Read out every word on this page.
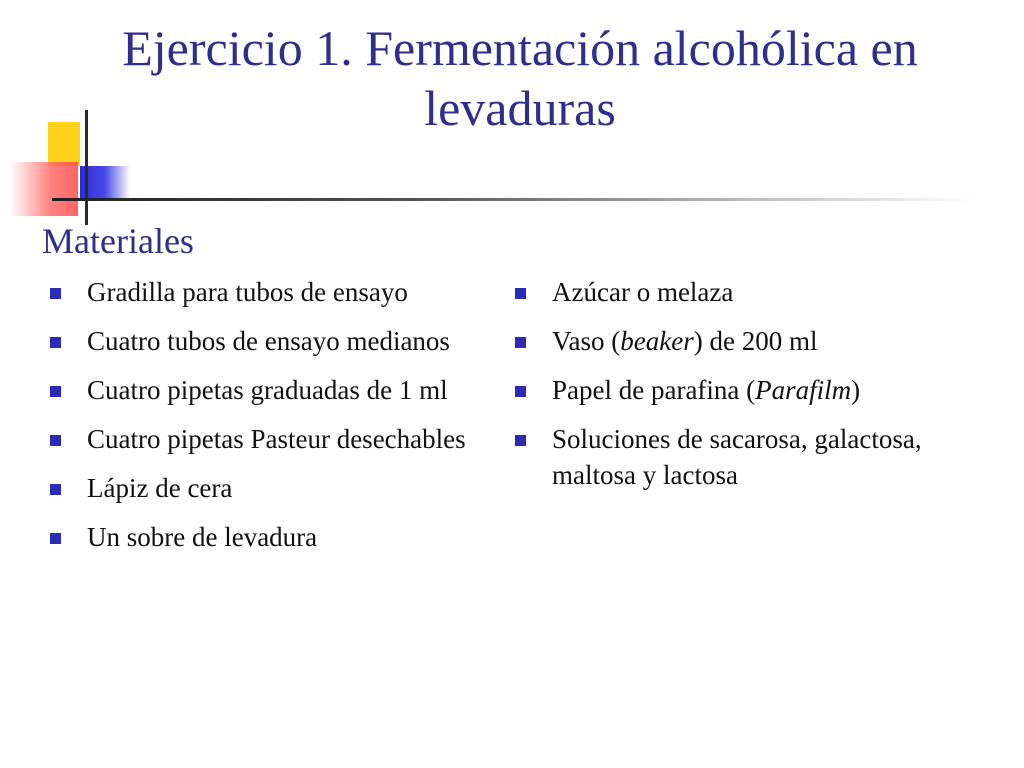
Ejercicio 1. Fermentación alcohólica en levaduras
Materiales
Gradilla para tubos de ensayo
Cuatro tubos de ensayo medianos
Cuatro pipetas graduadas de 1 ml
Cuatro pipetas Pasteur desechables
Lápiz de cera
Un sobre de levadura
Azúcar o melaza
Vaso (beaker) de 200 ml
Papel de parafina (Parafilm)
Soluciones de sacarosa, galactosa, maltosa y lactosa
